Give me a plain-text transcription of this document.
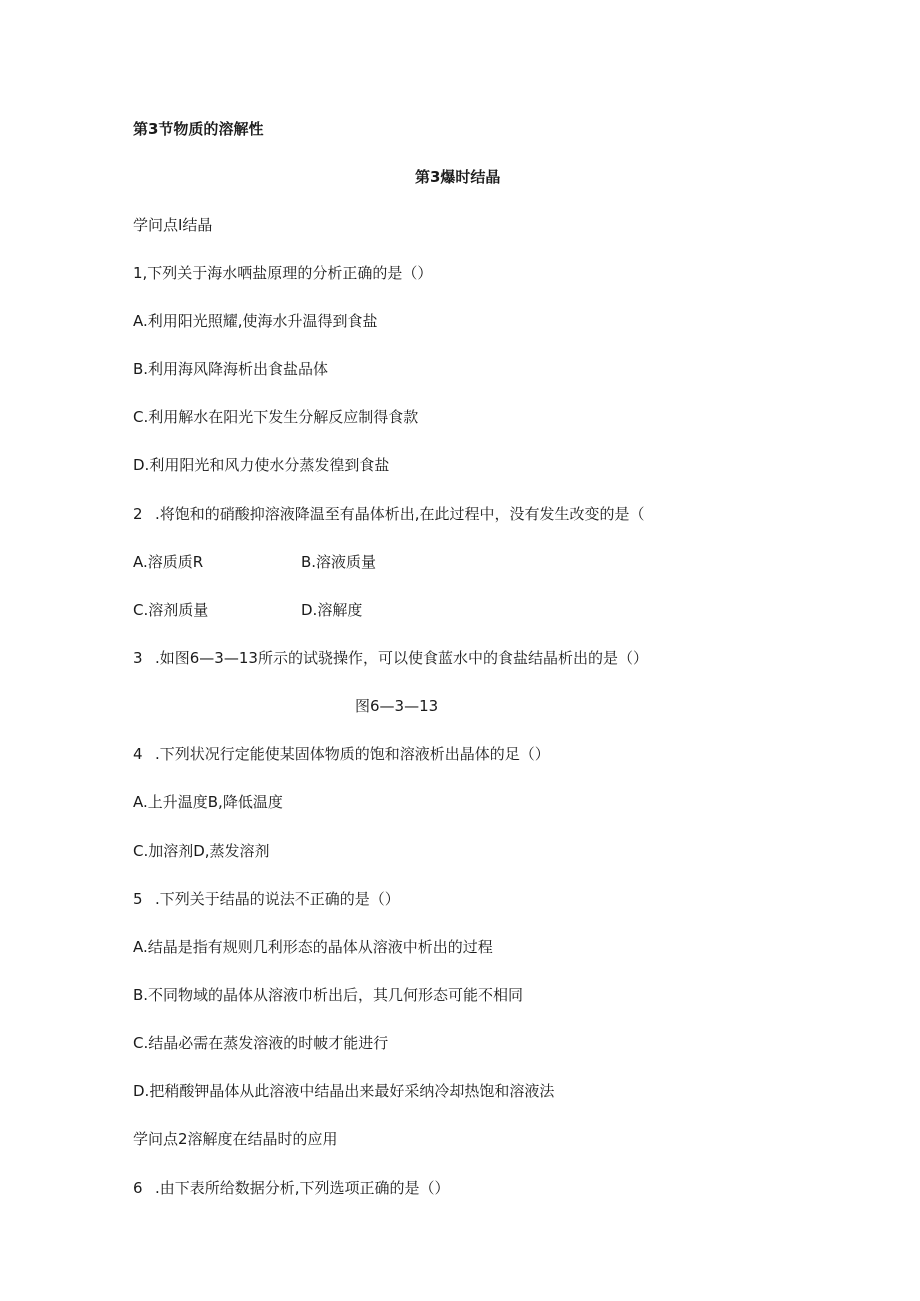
第3节物质的溶解性
第3爆时结晶
学问点I结晶
1,下列关于海水哂盐原理的分析正确的是（）
A.利用阳光照耀,使海水升温得到食盐
B.利用海风降海析出食盐品体
C.利用解水在阳光下发生分解反应制得食款
D.利用阳光和风力使水分蒸发徨到食盐
2 .将饱和的硝酸抑溶液降温至有晶体析出,在此过程中，没有发生改变的是（
A.溶质质R	B.溶液质量
C.溶剂质量	D.溶解度
3 .如图6—3—13所示的试骁操作，可以使食蓝水中的食盐结晶析出的是（）
图6—3—13
4 .下列状况行定能使某固体物质的饱和溶液析出晶体的足（）
A.上升温度B,降低温度
C.加溶剂D,蒸发溶剂
5 .下列关于结晶的说法不正确的是（）
A.结晶是指有规则几利形态的晶体从溶液中析出的过程
B.不同物域的晶体从溶液巾析出后，其几何形态可能不相同
C.结晶必需在蒸发溶液的时帔才能进行
D.把稍酸钾晶体从此溶液中结晶出来最好采纳冷却热饱和溶液法
学问点2溶解度在结晶时的应用
6 .由下表所给数据分析,下列选项正确的是（）
